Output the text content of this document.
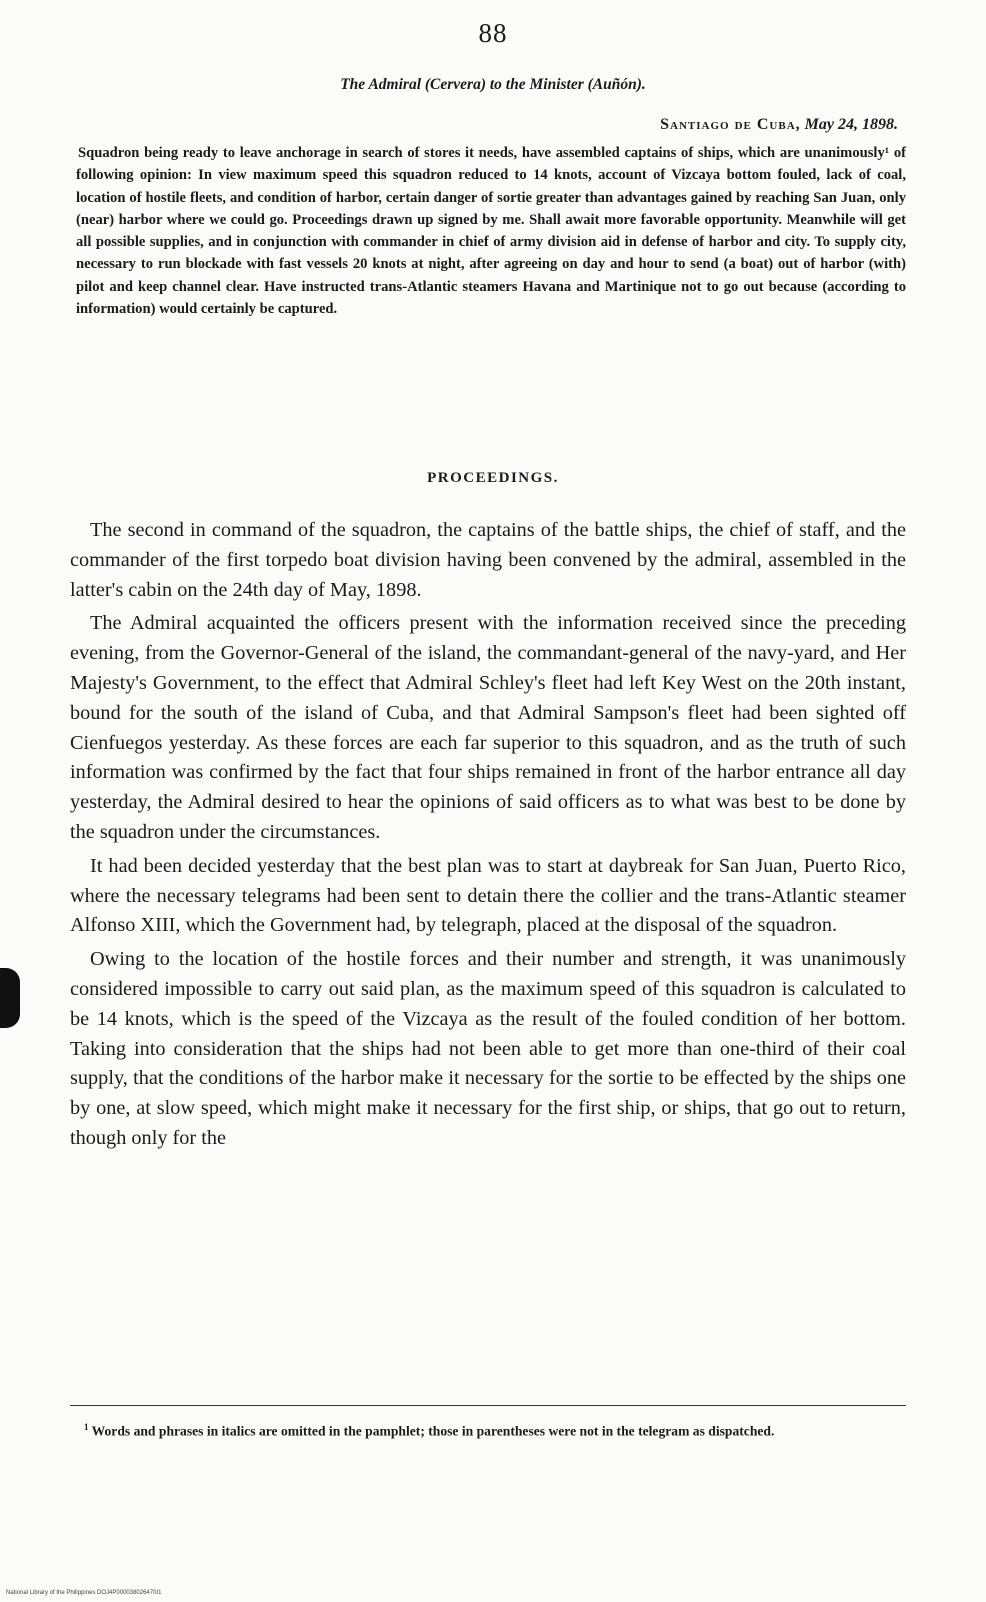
88
The Admiral (Cervera) to the Minister (Auñón).
Santiago de Cuba, May 24, 1898.
Squadron being ready to leave anchorage in search of stores it needs, have assembled captains of ships, which are unanimously¹ of following opinion: In view maximum speed this squadron reduced to 14 knots, account of Vizcaya bottom fouled, lack of coal, location of hostile fleets, and condition of harbor, certain danger of sortie greater than advantages gained by reaching San Juan, only (near) harbor where we could go. Proceedings drawn up signed by me. Shall await more favorable opportunity. Meanwhile will get all possible supplies, and in conjunction with commander in chief of army division aid in defense of harbor and city. To supply city, necessary to run blockade with fast vessels 20 knots at night, after agreeing on day and hour to send (a boat) out of harbor (with) pilot and keep channel clear. Have instructed trans-Atlantic steamers Havana and Martinique not to go out because (according to information) would certainly be captured.
PROCEEDINGS.

The second in command of the squadron, the captains of the battle ships, the chief of staff, and the commander of the first torpedo boat division having been convened by the admiral, assembled in the latter's cabin on the 24th day of May, 1898.

The Admiral acquainted the officers present with the information received since the preceding evening, from the Governor-General of the island, the commandant-general of the navy-yard, and Her Majesty's Government, to the effect that Admiral Schley's fleet had left Key West on the 20th instant, bound for the south of the island of Cuba, and that Admiral Sampson's fleet had been sighted off Cienfuegos yesterday. As these forces are each far superior to this squadron, and as the truth of such information was confirmed by the fact that four ships remained in front of the harbor entrance all day yesterday, the Admiral desired to hear the opinions of said officers as to what was best to be done by the squadron under the circumstances.

It had been decided yesterday that the best plan was to start at daybreak for San Juan, Puerto Rico, where the necessary telegrams had been sent to detain there the collier and the trans-Atlantic steamer Alfonso XIII, which the Government had, by telegraph, placed at the disposal of the squadron.

Owing to the location of the hostile forces and their number and strength, it was unanimously considered impossible to carry out said plan, as the maximum speed of this squadron is calculated to be 14 knots, which is the speed of the Vizcaya as the result of the fouled condition of her bottom. Taking into consideration that the ships had not been able to get more than one-third of their coal supply, that the conditions of the harbor make it necessary for the sortie to be effected by the ships one by one, at slow speed, which might make it necessary for the first ship, or ships, that go out to return, though only for the

$^1$ Words and phrases in italics are omitted in the pamphlet; those in parentheses were not in the telegram as dispatched.
National Library of the Philippines DOJ4P000038026470I1
